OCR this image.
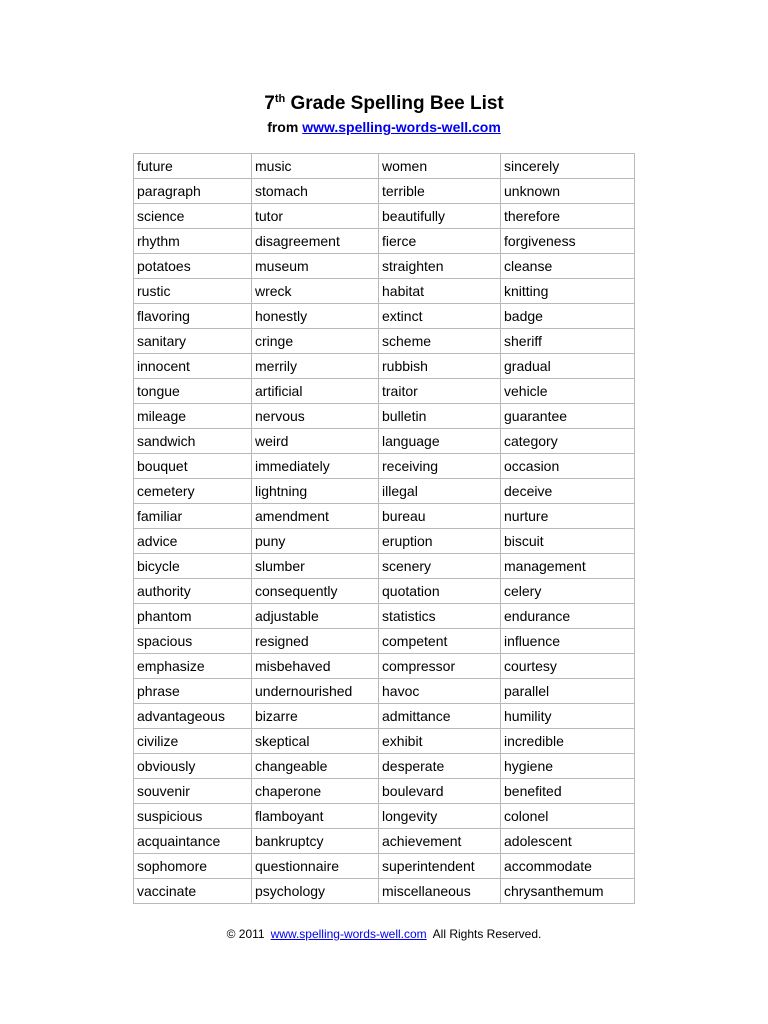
7th Grade Spelling Bee List
from www.spelling-words-well.com
future	music	women	sincerely
paragraph	stomach	terrible	unknown
science	tutor	beautifully	therefore
rhythm	disagreement	fierce	forgiveness
potatoes	museum	straighten	cleanse
rustic	wreck	habitat	knitting
flavoring	honestly	extinct	badge
sanitary	cringe	scheme	sheriff
innocent	merrily	rubbish	gradual
tongue	artificial	traitor	vehicle
mileage	nervous	bulletin	guarantee
sandwich	weird	language	category
bouquet	immediately	receiving	occasion
cemetery	lightning	illegal	deceive
familiar	amendment	bureau	nurture
advice	puny	eruption	biscuit
bicycle	slumber	scenery	management
authority	consequently	quotation	celery
phantom	adjustable	statistics	endurance
spacious	resigned	competent	influence
emphasize	misbehaved	compressor	courtesy
phrase	undernourished	havoc	parallel
advantageous	bizarre	admittance	humility
civilize	skeptical	exhibit	incredible
obviously	changeable	desperate	hygiene
souvenir	chaperone	boulevard	benefited
suspicious	flamboyant	longevity	colonel
acquaintance	bankruptcy	achievement	adolescent
sophomore	questionnaire	superintendent	accommodate
vaccinate	psychology	miscellaneous	chrysanthemum
© 2011 www.spelling-words-well.com All Rights Reserved.
